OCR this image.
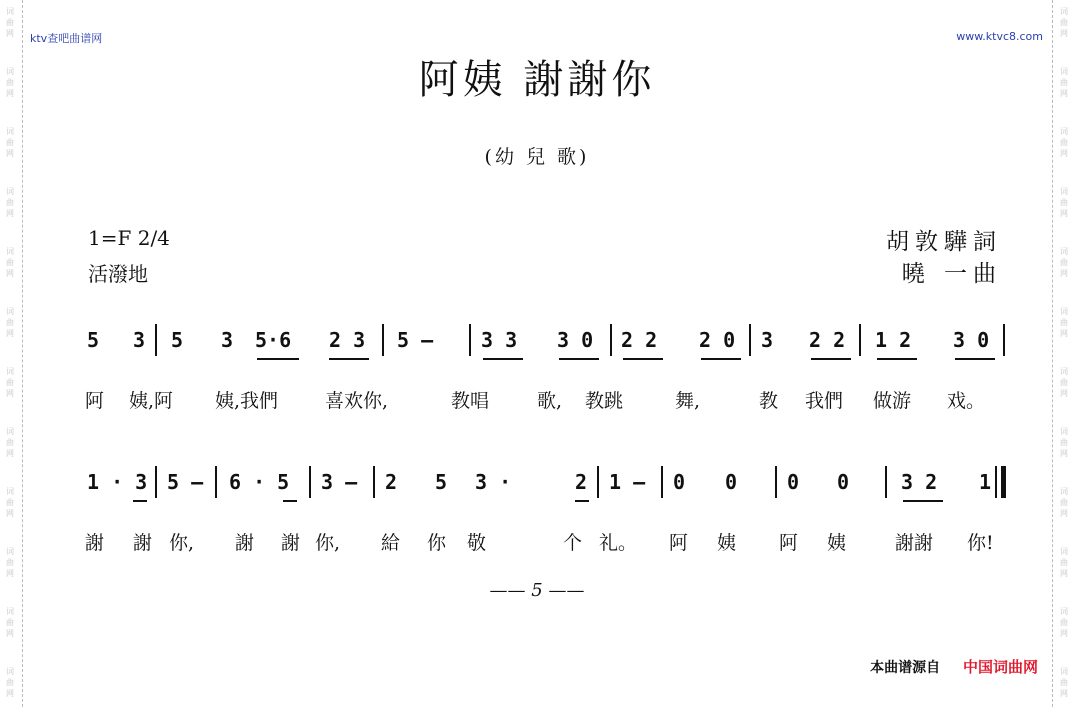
词
曲
网
词
曲
网
词
曲
网
词
曲
网
词
曲
网
词
曲
网
词
曲
网
词
曲
网
词
曲
网
词
曲
网
词
曲
网
词
曲
网
词
曲
网
词
曲
网
词
曲
网
词
曲
网
词
曲
网
词
曲
网
词
曲
网
词
曲
网
词
曲
网
词
曲
网
词
曲
网
词
曲
网
ktv查吧曲谱网	www.ktvc8.com
阿姨 謝謝你
(幼 兒 歌)
1=F 2/4
活潑地
胡敦驊詞
曉 一曲
5 3 5 3 5·6 2 3 5 — 3 3 3 0 2 2 2 0 3 2 2 1 2 3 0
阿 姨,阿 姨,我們 喜欢你,	教唱	歌, 教跳	舞,	教 我們 做游 戏。
1 · 3 5 — 6 · 5 3 — 2 5 3 ·	2 1 — 0 0 0 0	3 2 1
謝 謝 你, 謝 謝 你, 給 你 敬	个 礼。 阿 姨 阿 姨	謝謝 你!
—— 5 ——
本曲谱源自 中国词曲网
